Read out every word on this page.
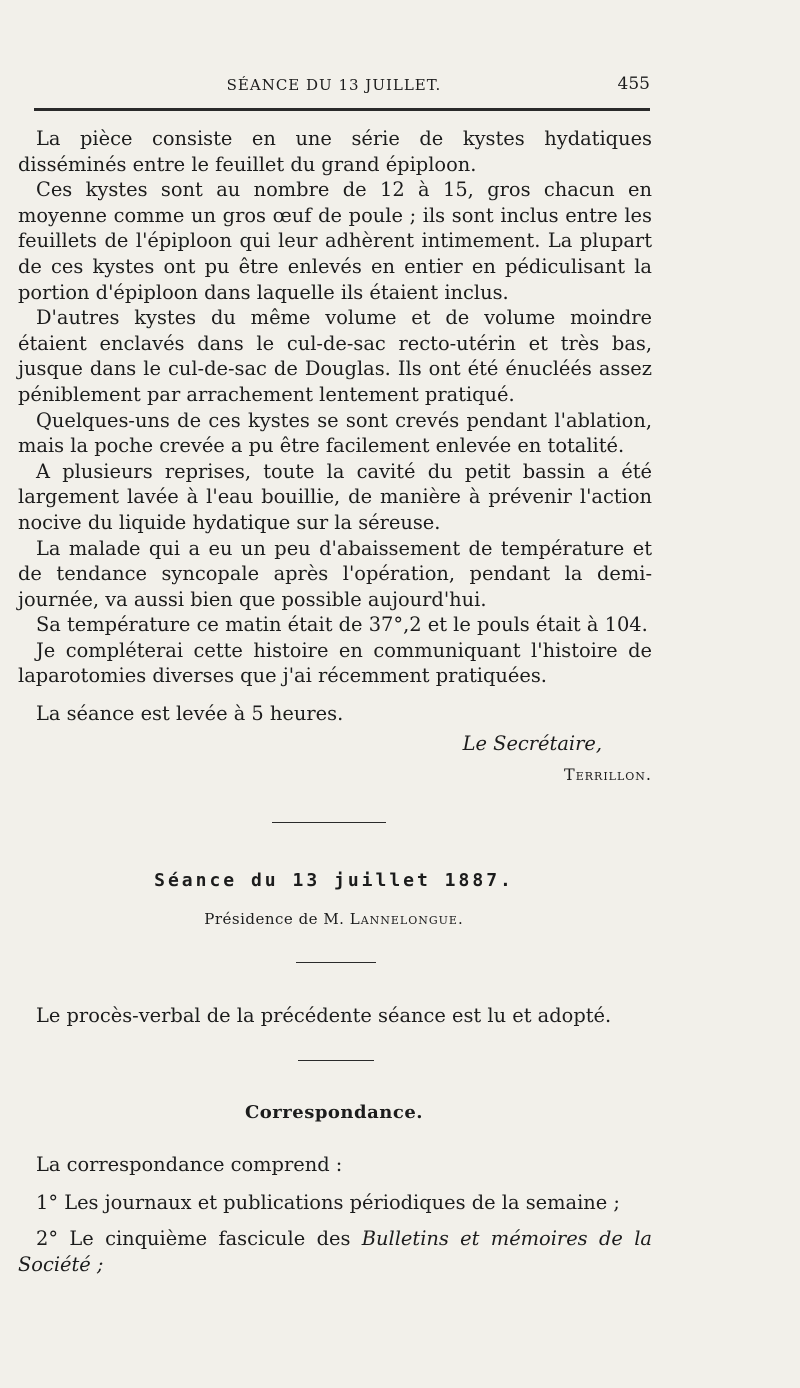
SÉANCE DU 13 JUILLET.	455

La pièce consiste en une série de kystes hydatiques disséminés entre le feuillet du grand épiploon.

Ces kystes sont au nombre de 12 à 15, gros chacun en moyenne comme un gros œuf de poule ; ils sont inclus entre les feuillets de l'épiploon qui leur adhèrent intimement. La plupart de ces kystes ont pu être enlevés en entier en pédiculisant la portion d'épiploon dans laquelle ils étaient inclus.

D'autres kystes du même volume et de volume moindre étaient enclavés dans le cul-de-sac recto-utérin et très bas, jusque dans le cul-de-sac de Douglas. Ils ont été énucléés assez péniblement par arrachement lentement pratiqué.

Quelques-uns de ces kystes se sont crevés pendant l'ablation, mais la poche crevée a pu être facilement enlevée en totalité.

A plusieurs reprises, toute la cavité du petit bassin a été largement lavée à l'eau bouillie, de manière à prévenir l'action nocive du liquide hydatique sur la séreuse.

La malade qui a eu un peu d'abaissement de température et de tendance syncopale après l'opération, pendant la demi-journée, va aussi bien que possible aujourd'hui.

Sa température ce matin était de 37°,2 et le pouls était à 104.

Je compléterai cette histoire en communiquant l'histoire de laparotomies diverses que j'ai récemment pratiquées.

La séance est levée à 5 heures.

Le Secrétaire,

Terrillon.

Séance du 13 juillet 1887.
Présidence de M. Lannelongue.
Le procès-verbal de la précédente séance est lu et adopté.
Correspondance.

La correspondance comprend :

1° Les journaux et publications périodiques de la semaine ;

2° Le cinquième fascicule des Bulletins et mémoires de la Société ;
